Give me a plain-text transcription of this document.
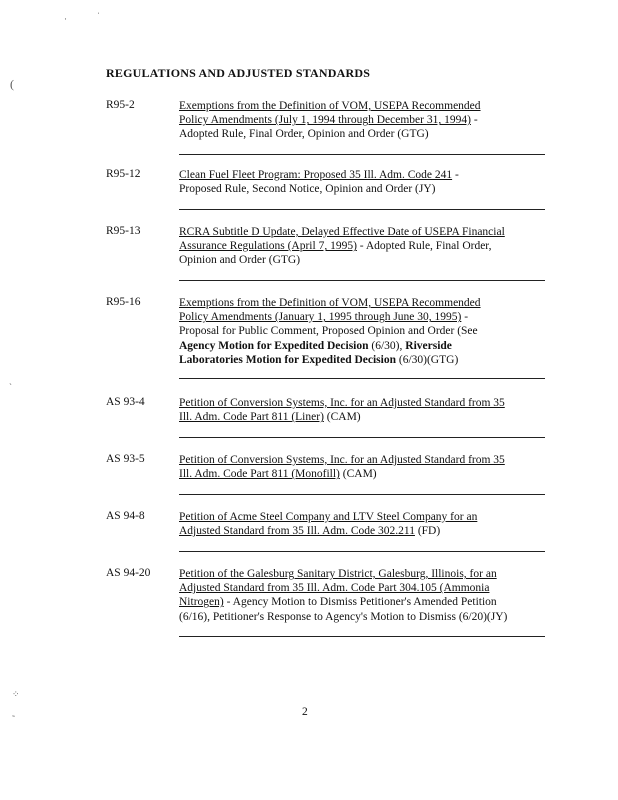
REGULATIONS AND ADJUSTED STANDARDS
R95-2	Exemptions from the Definition of VOM, USEPA Recommended
Policy Amendments (July 1, 1994 through December 31, 1994) -
Adopted Rule, Final Order, Opinion and Order (GTG)
R95-12	Clean Fuel Fleet Program: Proposed 35 Ill. Adm. Code 241 -
Proposed Rule, Second Notice, Opinion and Order (JY)
R95-13	RCRA Subtitle D Update, Delayed Effective Date of USEPA Financial
Assurance Regulations (April 7, 1995) - Adopted Rule, Final Order,
Opinion and Order (GTG)
R95-16	Exemptions from the Definition of VOM, USEPA Recommended
Policy Amendments (January 1, 1995 through June 30, 1995) -
Proposal for Public Comment, Proposed Opinion and Order (See
Agency Motion for Expedited Decision (6/30), Riverside
Laboratories Motion for Expedited Decision (6/30)(GTG)
AS 93-4	Petition of Conversion Systems, Inc. for an Adjusted Standard from 35
Ill. Adm. Code Part 811 (Liner) (CAM)
AS 93-5	Petition of Conversion Systems, Inc. for an Adjusted Standard from 35
Ill. Adm. Code Part 811 (Monofill) (CAM)
AS 94-8	Petition of Acme Steel Company and LTV Steel Company for an
Adjusted Standard from 35 Ill. Adm. Code 302.211 (FD)
AS 94-20 Petition of the Galesburg Sanitary District, Galesburg, Illinois, for an
Adjusted Standard from 35 Ill. Adm. Code Part 304.105 (Ammonia
Nitrogen) - Agency Motion to Dismiss Petitioner's Amended Petition
(6/16), Petitioner's Response to Agency's Motion to Dismiss (6/20)(JY)
2
·	ˈ
(
ˎ
⁘
˷
